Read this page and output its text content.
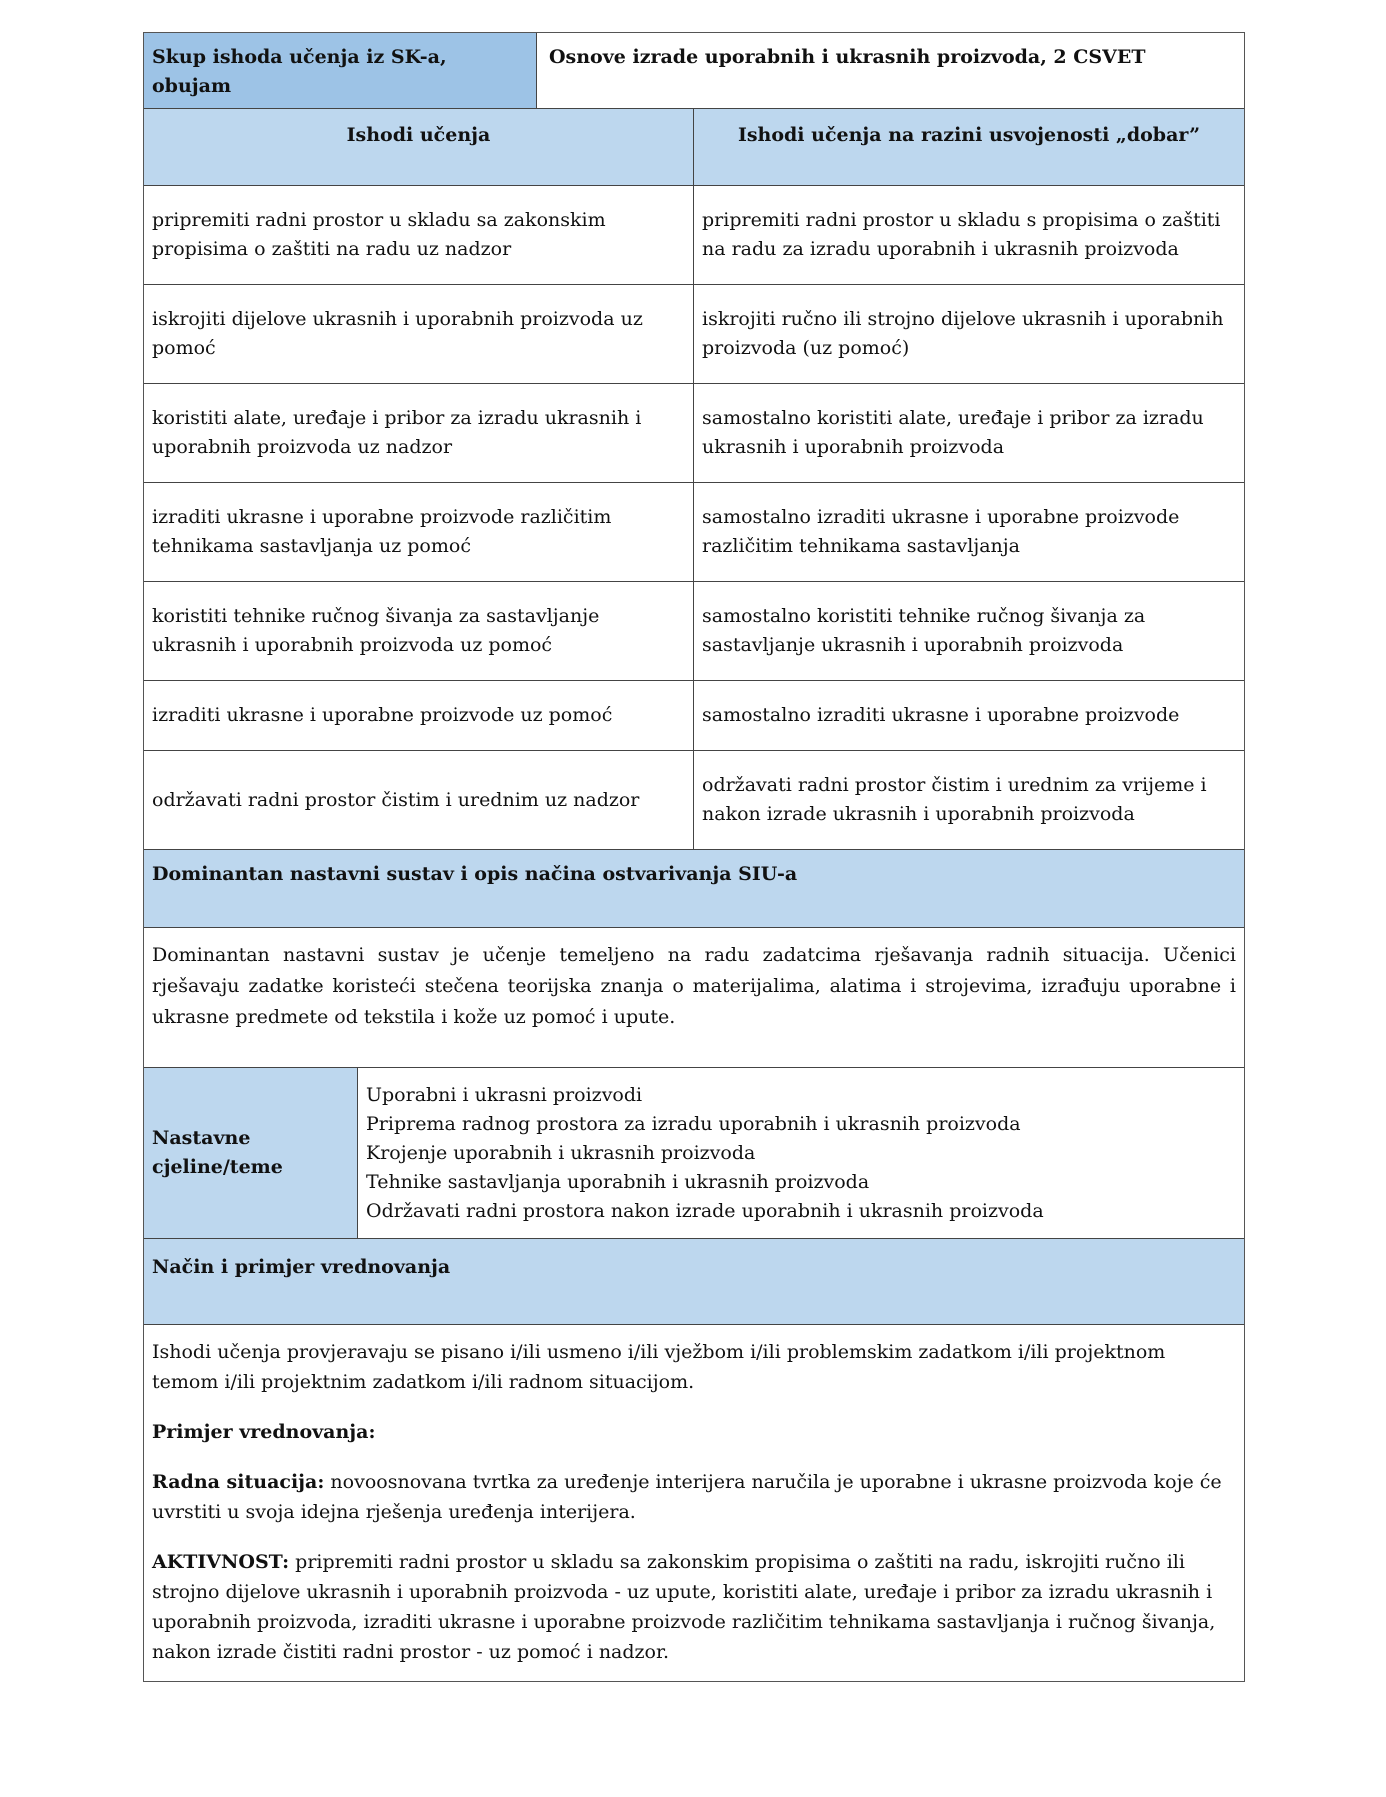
Skup ishoda učenja iz SK-a, obujam
Osnove izrade uporabnih i ukrasnih proizvoda, 2 CSVET
Ishodi učenja	Ishodi učenja na razini usvojenosti „dobar”
pripremiti radni prostor u skladu sa zakonskim propisima o zaštiti na radu uz nadzor
pripremiti radni prostor u skladu s propisima o zaštiti na radu za izradu uporabnih i ukrasnih proizvoda
iskrojiti dijelove ukrasnih i uporabnih proizvoda uz pomoć
iskrojiti ručno ili strojno dijelove ukrasnih i uporabnih proizvoda (uz pomoć)
koristiti alate, uređaje i pribor za izradu ukrasnih i uporabnih proizvoda uz nadzor
samostalno koristiti alate, uređaje i pribor za izradu ukrasnih i uporabnih proizvoda
izraditi ukrasne i uporabne proizvode različitim tehnikama sastavljanja uz pomoć
samostalno izraditi ukrasne i uporabne proizvode različitim tehnikama sastavljanja
koristiti tehnike ručnog šivanja za sastavljanje ukrasnih i uporabnih proizvoda uz pomoć
samostalno koristiti tehnike ručnog šivanja za sastavljanje ukrasnih i uporabnih proizvoda
izraditi ukrasne i uporabne proizvode uz pomoć	samostalno izraditi ukrasne i uporabne proizvode
održavati radni prostor čistim i urednim uz nadzor
održavati radni prostor čistim i urednim za vrijeme i nakon izrade ukrasnih i uporabnih proizvoda
Dominantan nastavni sustav i opis načina ostvarivanja SIU-a
Dominantan nastavni sustav je učenje temeljeno na radu zadatcima rješavanja radnih situacija. Učenici rješavaju zadatke koristeći stečena teorijska znanja o materijalima, alatima i strojevima, izrađuju uporabne i ukrasne predmete od tekstila i kože uz pomoć i upute.
Nastavne cjeline/teme

Uporabni i ukrasni proizvodi

Priprema radnog prostora za izradu uporabnih i ukrasnih proizvoda

Krojenje uporabnih i ukrasnih proizvoda

Tehnike sastavljanja uporabnih i ukrasnih proizvoda

Održavati radni prostora nakon izrade uporabnih i ukrasnih proizvoda

Način i primjer vrednovanja

Ishodi učenja provjeravaju se pisano i/ili usmeno i/ili vježbom i/ili problemskim zadatkom i/ili projektnom temom i/ili projektnim zadatkom i/ili radnom situacijom.

Primjer vrednovanja:

Radna situacija: novoosnovana tvrtka za uređenje interijera naručila je uporabne i ukrasne proizvoda koje će uvrstiti u svoja idejna rješenja uređenja interijera.

AKTIVNOST: pripremiti radni prostor u skladu sa zakonskim propisima o zaštiti na radu, iskrojiti ručno ili strojno dijelove ukrasnih i uporabnih proizvoda - uz upute, koristiti alate, uređaje i pribor za izradu ukrasnih i uporabnih proizvoda, izraditi ukrasne i uporabne proizvode različitim tehnikama sastavljanja i ručnog šivanja, nakon izrade čistiti radni prostor - uz pomoć i nadzor.
